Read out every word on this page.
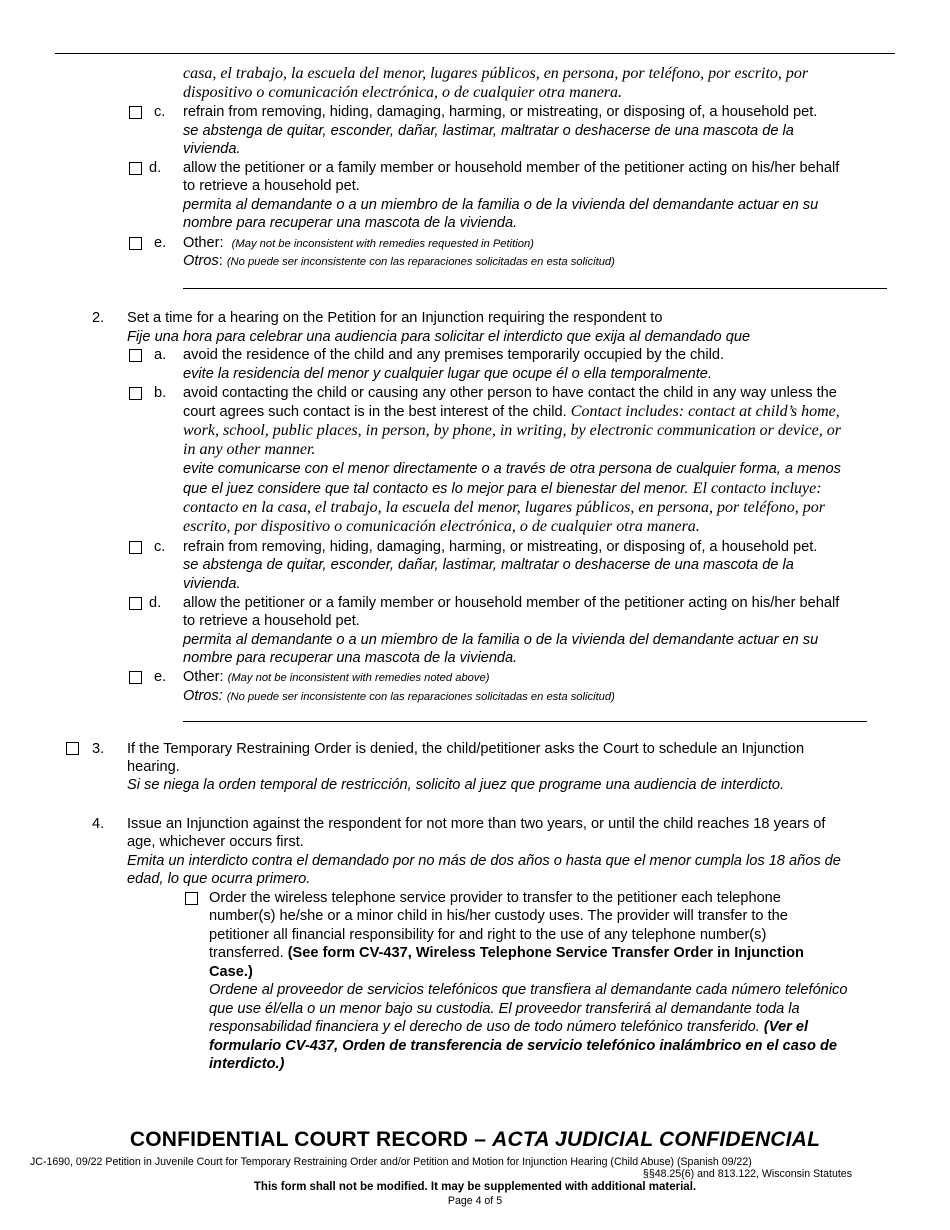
casa, el trabajo, la escuela del menor, lugares públicos, en persona, por teléfono, por escrito, por
dispositivo o comunicación electrónica, o de cualquier otra manera.
c. refrain from removing, hiding, damaging, harming, or mistreating, or disposing of, a household pet.
se abstenga de quitar, esconder, dañar, lastimar, maltratar o deshacerse de una mascota de la
vivienda.
d. allow the petitioner or a family member or household member of the petitioner acting on his/her behalf
to retrieve a household pet.
permita al demandante o a un miembro de la familia o de la vivienda del demandante actuar en su
nombre para recuperar una mascota de la vivienda.
e. Other: (May not be inconsistent with remedies requested in Petition)
Otros: (No puede ser inconsistente con las reparaciones solicitadas en esta solicitud)
2. Set a time for a hearing on the Petition for an Injunction requiring the respondent to
Fije una hora para celebrar una audiencia para solicitar el interdicto que exija al demandado que
a. avoid the residence of the child and any premises temporarily occupied by the child.
evite la residencia del menor y cualquier lugar que ocupe él o ella temporalmente.
b. avoid contacting the child or causing any other person to have contact the child in any way unless the
court agrees such contact is in the best interest of the child. Contact includes: contact at child’s home,
work, school, public places, in person, by phone, in writing, by electronic communication or device, or
in any other manner.
evite comunicarse con el menor directamente o a través de otra persona de cualquier forma, a menos
que el juez considere que tal contacto es lo mejor para el bienestar del menor. El contacto incluye:
contacto en la casa, el trabajo, la escuela del menor, lugares públicos, en persona, por teléfono, por
escrito, por dispositivo o comunicación electrónica, o de cualquier otra manera.
c. refrain from removing, hiding, damaging, harming, or mistreating, or disposing of, a household pet.
se abstenga de quitar, esconder, dañar, lastimar, maltratar o deshacerse de una mascota de la
vivienda.
d. allow the petitioner or a family member or household member of the petitioner acting on his/her behalf
to retrieve a household pet.
permita al demandante o a un miembro de la familia o de la vivienda del demandante actuar en su
nombre para recuperar una mascota de la vivienda.
e. Other: (May not be inconsistent with remedies noted above)
Otros: (No puede ser inconsistente con las reparaciones solicitadas en esta solicitud)
3. If the Temporary Restraining Order is denied, the child/petitioner asks the Court to schedule an Injunction
hearing.
Si se niega la orden temporal de restricción, solicito al juez que programe una audiencia de interdicto.
4. Issue an Injunction against the respondent for not more than two years, or until the child reaches 18 years of
age, whichever occurs first.
Emita un interdicto contra el demandado por no más de dos años o hasta que el menor cumpla los 18 años de
edad, lo que ocurra primero.
Order the wireless telephone service provider to transfer to the petitioner each telephone
number(s) he/she or a minor child in his/her custody uses. The provider will transfer to the
petitioner all financial responsibility for and right to the use of any telephone number(s)
transferred. (See form CV-437, Wireless Telephone Service Transfer Order in Injunction
Case.)
Ordene al proveedor de servicios telefónicos que transfiera al demandante cada número telefónico
que use él/ella o un menor bajo su custodia. El proveedor transferirá al demandante toda la
responsabilidad financiera y el derecho de uso de todo número telefónico transferido. (Ver el
formulario CV-437, Orden de transferencia de servicio telefónico inalámbrico en el caso de
interdicto.)
CONFIDENTIAL COURT RECORD – ACTA JUDICIAL CONFIDENCIAL
JC-1690, 09/22 Petition in Juvenile Court for Temporary Restraining Order and/or Petition and Motion for Injunction Hearing (Child Abuse) (Spanish 09/22)
§§48.25(6) and 813.122, Wisconsin Statutes
This form shall not be modified. It may be supplemented with additional material.
Page 4 of 5
